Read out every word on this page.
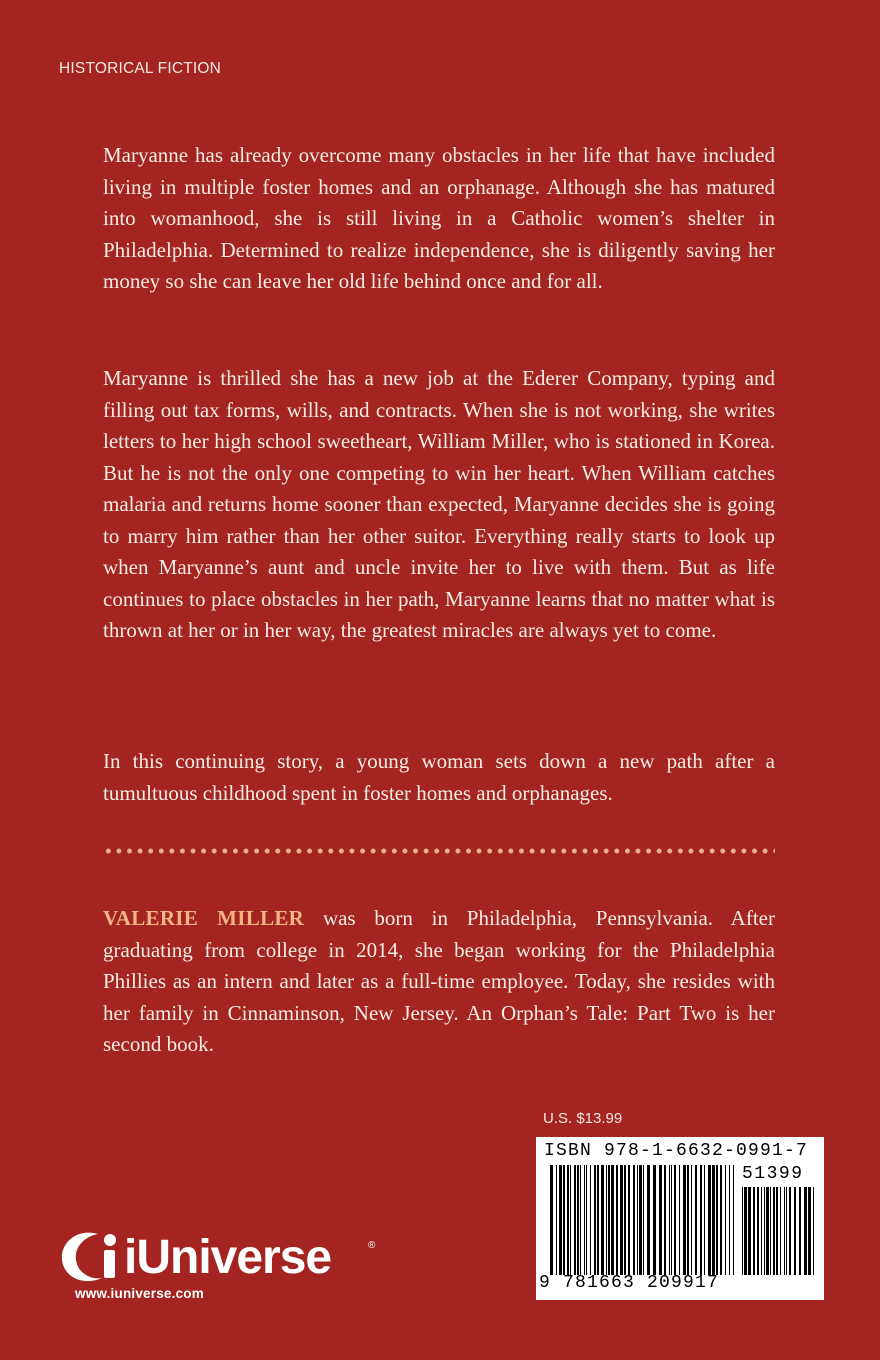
HISTORICAL FICTION

Maryanne has already overcome many obstacles in her life that have included living in multiple foster homes and an orphanage. Although she has matured into womanhood, she is still living in a Catholic women’s shelter in Philadelphia. Determined to realize independence, she is diligently saving her money so she can leave her old life behind once and for all.

Maryanne is thrilled she has a new job at the Ederer Company, typing and filling out tax forms, wills, and contracts. When she is not working, she writes letters to her high school sweetheart, William Miller, who is stationed in Korea. But he is not the only one competing to win her heart. When William catches malaria and returns home sooner than expected, Maryanne decides she is going to marry him rather than her other suitor. Everything really starts to look up when Maryanne’s aunt and uncle invite her to live with them. But as life continues to place obstacles in her path, Maryanne learns that no matter what is thrown at her or in her way, the greatest miracles are always yet to come.

In this continuing story, a young woman sets down a new path after a tumultuous childhood spent in foster homes and orphanages.

VALERIE MILLER was born in Philadelphia, Pennsylvania. After graduating from college in 2014, she began working for the Philadelphia Phillies as an intern and later as a full-time employee. Today, she resides with her family in Cinnaminson, New Jersey. An Orphan’s Tale: Part Two is her second book.

U.S. $13.99
ISBN 978-1-6632-0991-7
51399
9 781663 209917
iUniverse	®
www.iuniverse.com
